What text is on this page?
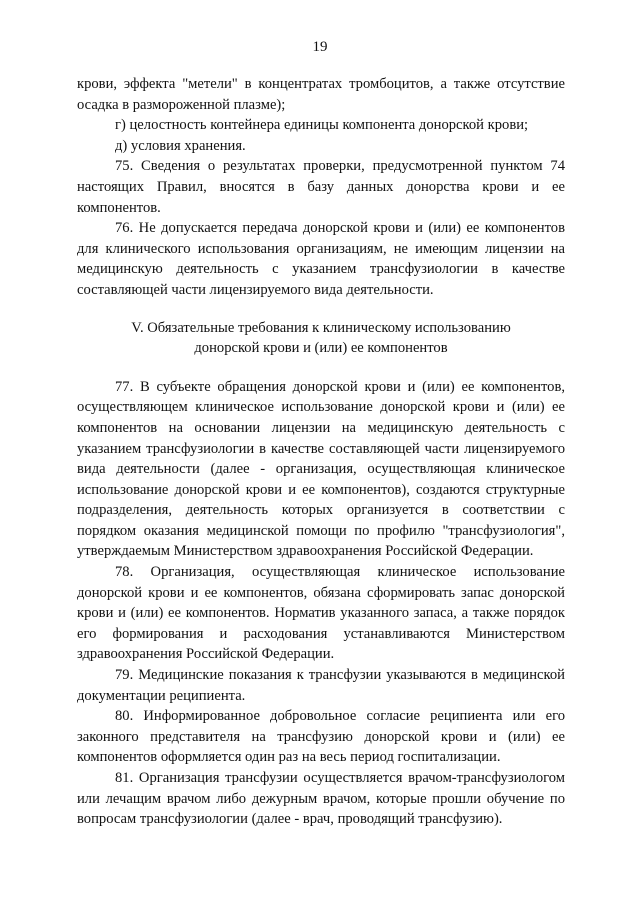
19

крови, эффекта "метели" в концентратах тромбоцитов, а также отсутствие осадка в размороженной плазме);

г) целостность контейнера единицы компонента донорской крови;

д) условия хранения.

75. Сведения о результатах проверки, предусмотренной пунктом 74 настоящих Правил, вносятся в базу данных донорства крови и ее компонентов.

76. Не допускается передача донорской крови и (или) ее компонентов для клинического использования организациям, не имеющим лицензии на медицинскую деятельность с указанием трансфузиологии в качестве составляющей части лицензируемого вида деятельности.

V. Обязательные требования к клиническому использованию
донорской крови и (или) ее компонентов

77. В субъекте обращения донорской крови и (или) ее компонентов, осуществляющем клиническое использование донорской крови и (или) ее компонентов на основании лицензии на медицинскую деятельность с указанием трансфузиологии в качестве составляющей части лицензируемого вида деятельности (далее - организация, осуществляющая клиническое использование донорской крови и ее компонентов), создаются структурные подразделения, деятельность которых организуется в соответствии с порядком оказания медицинской помощи по профилю "трансфузиология", утверждаемым Министерством здравоохранения Российской Федерации.

78. Организация, осуществляющая клиническое использование донорской крови и ее компонентов, обязана сформировать запас донорской крови и (или) ее компонентов. Норматив указанного запаса, а также порядок его формирования и расходования устанавливаются Министерством здравоохранения Российской Федерации.

79. Медицинские показания к трансфузии указываются в медицинской документации реципиента.

80. Информированное добровольное согласие реципиента или его законного представителя на трансфузию донорской крови и (или) ее компонентов оформляется один раз на весь период госпитализации.

81. Организация трансфузии осуществляется врачом-трансфузиологом или лечащим врачом либо дежурным врачом, которые прошли обучение по вопросам трансфузиологии (далее - врач, проводящий трансфузию).
